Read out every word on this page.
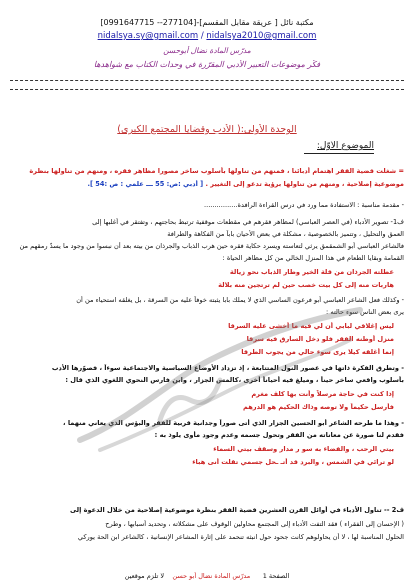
مكتبة نائل [ عريقة مقابل المقسم]-[277104-- 0991647715]
nidalsya.sy@gmail.com / nidalsya2010@gmail.com
مدرّس المادة نضال أبوحسن
فكّر موضوعات التعبير الأدبي المقرّرة في وحدات الكتاب مع شواهدها
الوحدة الأولى:( الأدب وقضايا المجتمع الكبرى)
الموضوع الأوّل:
= شغلت قضية الفقر اهتمام أدبائنا ، فمنهم من تناولها بأسلوب ساخر مصورا مظاهر فقره ، ومنهم من تناولها بنظرة
موضوعية إصلاحية ، ومنهم من تناولها برؤية تدعو إلى التغيير . [ أدبي :ص: 55 ـــ علمي : ص :54 ].
- مقدمة مناسبة : الاستفادة مما ورد في درس القراءة الرافدة................
ف1- تصوير الأدباء (في العصر العباسي) لمظاهر فقرهم في مقطعات موقفية ترتبط بحاجتهم ، وتفتقر في أغلبها إلى
العمق والتحليل ، وتتميز بالخصوصية ، مشكلة في بعض الأحيان باباً من الفكاهة والطرافة
فالشاعر العباسي أبو الشمقمق يرثي لتعاسته ويسرد حكاية فقره حين هرب الذباب والجرذان من بيته بعد أن نبسوا من وجود ما يسدّ رمقهم من
القمامة وبقايا الطعام في هذا المنزل الخالي من كل مظاهر الحياة :
عطلته الجرذان من قلة الخير وطار الذباب نحو زيالة
هاربات منه إلى كل بيت خصب حين لم ترتجين منه بلالة
- وكذلك فعل الشاعر العباسي أبو فرعون الساسي الذي لا يملك بابا يثبته خوفاً عليه من السرقة ، بل يغلقه استحياء من أن
يرى بعض الناس سوء حالته :
ليس إغلاقي لبابي أن لي فيه ما أخشى عليه السرقا
منزل أوطنه الفقر فلو دخل السارق فيه سرقا
إنما أغلقه كيلا يرى سوء حالي من يجوب الطرقا
- وتطرق الفكرة ذاتها في عصور النول المتتابعة ، إذ تزداد الأوضاع السياسية والاجتماعية سوءاً ، فصوّرها الأدب
بأسلوب واقعي ساخر حيناً ، وميلغ فيه أحياناً أخرى ،كالمس الجزار ، وابن فارس النحوي اللغوي الذي قال :
إذا كنت في حاجة مرسلاً وأنت بها كلف مغرم
فأرسل حكيماً ولا توصه وذاك الحكيم هو الدرهم
- وهذا ما طرحه الشاعر أبو الحسين الجزار الذي أتى صوراً وجدانية قربية للفقر والبؤس الذي يعاني منهما ،
فقدم لنا صورة عن معاناته من الفقر وتحول جسمه وعدم وجود مأوى يلوذ به :
بيتي الرحب ، والفضاء به سو ر مدار وسقف بيتي السماء
لو ترائي في الشمس ، والبرد قد أتـ ـحل جسمي تقلت أنى هباء
ف2 -- تناول الأدباء في أوائل القرن العشرين قضية الفقر بنظرة موضوعية إصلاحية من خلال الدعوة إلى
( الإحسان إلى الفقراء ) فقد التفت الأدباء إلى المجتمع محاولين الوقوف على مشكلاته ، وتحديد أسبابها ، وطرح
الحلول المناسبة لها ، لا أن يحاولوهم كانت جحود حول انبثه تنحمد على إثارة المشاعر الإنسانية ، كالشاعر ابن الحة يوركي
الصفحة 1      مدرّس المادة نضال أبو حسن    لا تلزم موقعين
